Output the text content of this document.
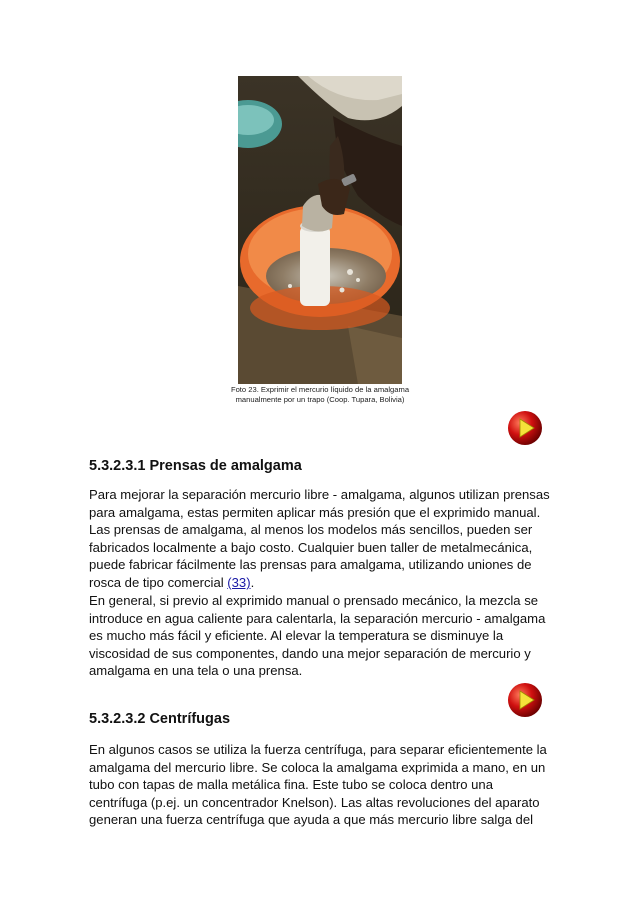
Foto 23. Exprimir el mercurio líquido de la amalgama manualmente por un trapo (Coop. Tupara, Bolivia)
5.3.2.3.1 Prensas de amalgama

Para mejorar la separación mercurio libre - amalgama, algunos utilizan prensas para amalgama, estas permiten aplicar más presión que el exprimido manual. Las prensas de amalgama, al menos los modelos más sencillos, pueden ser fabricados localmente a bajo costo. Cualquier buen taller de metalmecánica, puede fabricar fácilmente las prensas para amalgama, utilizando uniones de rosca de tipo comercial (33).

En general, si previo al exprimido manual o prensado mecánico, la mezcla se introduce en agua caliente para calentarla, la separación mercurio - amalgama es mucho más fácil y eficiente. Al elevar la temperatura se disminuye la viscosidad de sus componentes, dando una mejor separación de mercurio y amalgama en una tela o una prensa.

5.3.2.3.2 Centrífugas

En algunos casos se utiliza la fuerza centrífuga, para separar eficientemente la amalgama del mercurio libre. Se coloca la amalgama exprimida a mano, en un tubo con tapas de malla metálica fina. Este tubo se coloca dentro una centrífuga (p.ej. un concentrador Knelson). Las altas revoluciones del aparato generan una fuerza centrífuga que ayuda a que más mercurio libre salga del
